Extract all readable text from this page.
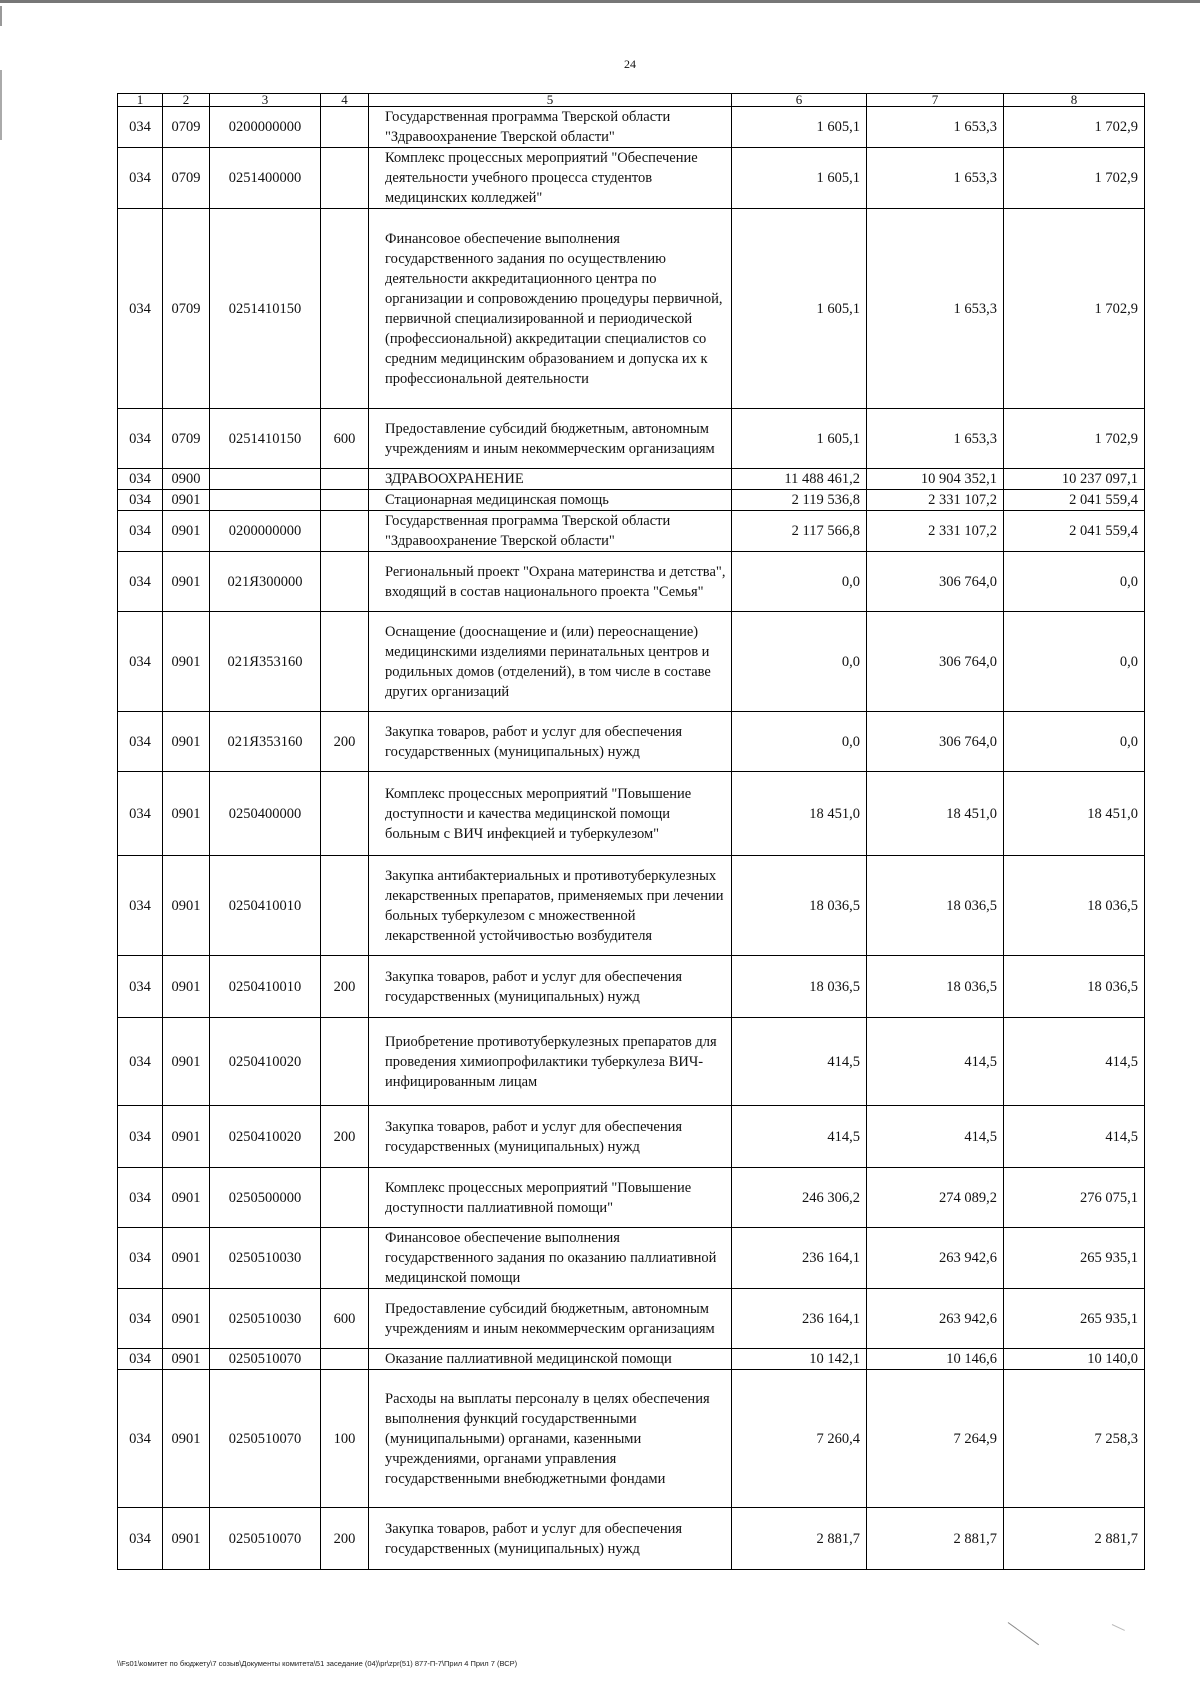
24
1	2	3	4	5	6	7	8
034	0709	0200000000		Государственная программа Тверской области "Здравоохранение Тверской области"	1 605,1	1 653,3	1 702,9
034	0709	0251400000		Комплекс процессных мероприятий "Обеспечение деятельности учебного процесса студентов медицинских колледжей"	1 605,1	1 653,3	1 702,9
034	0709	0251410150		Финансовое обеспечение выполнения государственного задания по осуществлению деятельности аккредитационного центра по организации и сопровождению процедуры первичной, первичной специализированной и периодической (профессиональной) аккредитации специалистов со средним медицинским образованием и допуска их к профессиональной деятельности	1 605,1	1 653,3	1 702,9
034	0709	0251410150	600	Предоставление субсидий бюджетным, автономным учреждениям и иным некоммерческим организациям	1 605,1	1 653,3	1 702,9
034	0900			ЗДРАВООХРАНЕНИЕ	11 488 461,2	10 904 352,1	10 237 097,1
034	0901			Стационарная медицинская помощь	2 119 536,8	2 331 107,2	2 041 559,4
034	0901	0200000000		Государственная программа Тверской области "Здравоохранение Тверской области"	2 117 566,8	2 331 107,2	2 041 559,4
034	0901	021Я300000		Региональный проект "Охрана материнства и детства", входящий в состав национального проекта "Семья"	0,0	306 764,0	0,0
034	0901	021Я353160		Оснащение (дооснащение и (или) переоснащение) медицинскими изделиями перинатальных центров и родильных домов (отделений), в том числе в составе других организаций	0,0	306 764,0	0,0
034	0901	021Я353160	200	Закупка товаров, работ и услуг для обеспечения государственных (муниципальных) нужд	0,0	306 764,0	0,0
034	0901	0250400000		Комплекс процессных мероприятий "Повышение доступности и качества медицинской помощи больным с ВИЧ инфекцией и туберкулезом"	18 451,0	18 451,0	18 451,0
034	0901	0250410010		Закупка антибактериальных и противотуберкулезных лекарственных препаратов, применяемых при лечении больных туберкулезом с множественной лекарственной устойчивостью возбудителя	18 036,5	18 036,5	18 036,5
034	0901	0250410010	200	Закупка товаров, работ и услуг для обеспечения государственных (муниципальных) нужд	18 036,5	18 036,5	18 036,5
034	0901	0250410020		Приобретение противотуберкулезных препаратов для проведения химиопрофилактики туберкулеза ВИЧ-инфицированным лицам	414,5	414,5	414,5
034	0901	0250410020	200	Закупка товаров, работ и услуг для обеспечения государственных (муниципальных) нужд	414,5	414,5	414,5
034	0901	0250500000		Комплекс процессных мероприятий "Повышение доступности паллиативной помощи"	246 306,2	274 089,2	276 075,1
034	0901	0250510030		Финансовое обеспечение выполнения государственного задания по оказанию паллиативной медицинской помощи	236 164,1	263 942,6	265 935,1
034	0901	0250510030	600	Предоставление субсидий бюджетным, автономным учреждениям и иным некоммерческим организациям	236 164,1	263 942,6	265 935,1
034	0901	0250510070		Оказание паллиативной медицинской помощи	10 142,1	10 146,6	10 140,0
034	0901	0250510070	100	Расходы на выплаты персоналу в целях обеспечения выполнения функций государственными (муниципальными) органами, казенными учреждениями, органами управления государственными внебюджетными фондами	7 260,4	7 264,9	7 258,3
034	0901	0250510070	200	Закупка товаров, работ и услуг для обеспечения государственных (муниципальных) нужд	2 881,7	2 881,7	2 881,7
\\Fs01\комитет по бюджету\7 созыв\Документы комитета\51 заседание (04)\pr\zpr(51) 877-П-7\Прил 4 Прил 7 (ВСР)
